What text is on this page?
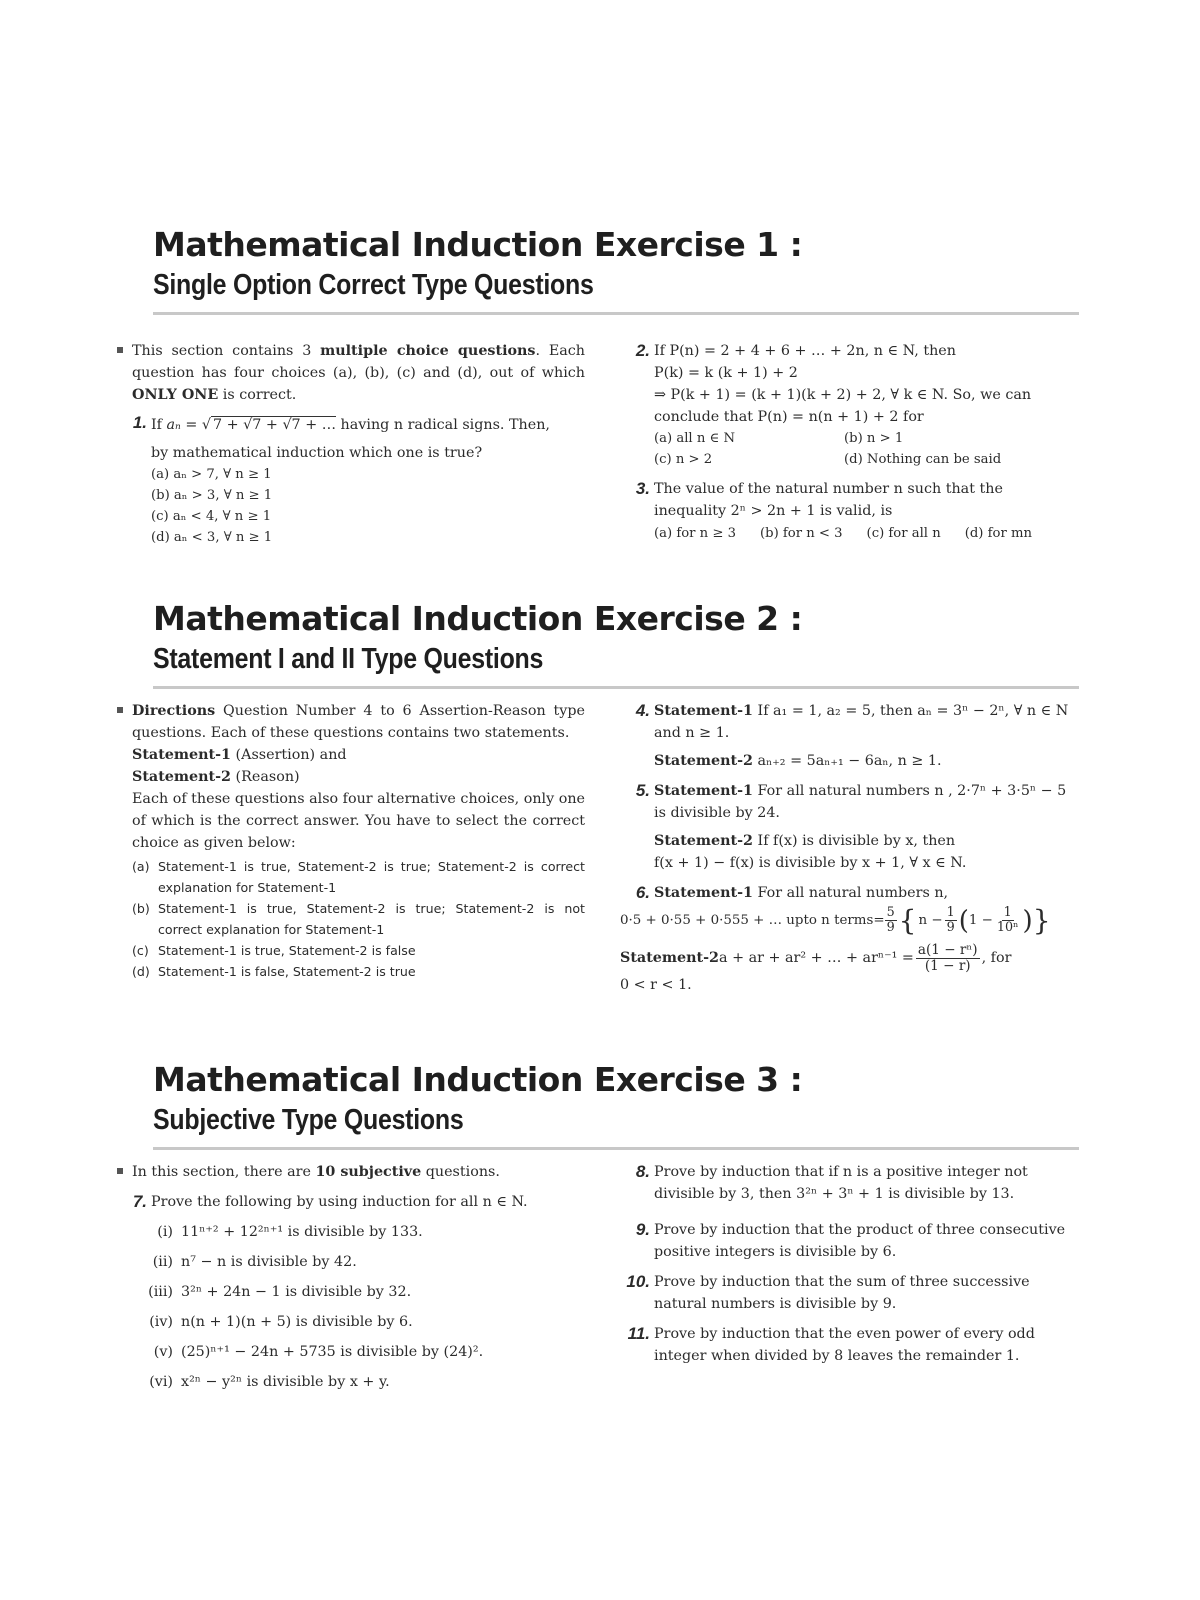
Mathematical Induction Exercise 1 :
Single Option Correct Type Questions
This section contains 3 multiple choice questions. Each question has four choices (a), (b), (c) and (d), out of which ONLY ONE is correct.
1. If aₙ = √ 7 + √7 + √7 + … having n radical signs. Then,
by mathematical induction which one is true?
(a) aₙ > 7, ∀ n ≥ 1
(b) aₙ > 3, ∀ n ≥ 1
(c) aₙ < 4, ∀ n ≥ 1
(d) aₙ < 3, ∀ n ≥ 1
2. If P(n) = 2 + 4 + 6 + … + 2n, n ∈ N, then
P(k) = k (k + 1) + 2
⇒ P(k + 1) = (k + 1)(k + 2) + 2, ∀ k ∈ N. So, we can
conclude that P(n) = n(n + 1) + 2 for
(a) all n ∈ N	(b) n > 1
(c) n > 2	(d) Nothing can be said
3. The value of the natural number n such that the
inequality 2ⁿ > 2n + 1 is valid, is
(a) for n ≥ 3 (b) for n < 3 (c) for all n (d) for mn
Mathematical Induction Exercise 2 :
Statement I and II Type Questions
Directions Question Number 4 to 6 Assertion-Reason type questions. Each of these questions contains two statements.
Statement-1 (Assertion) and
Statement-2 (Reason)
Each of these questions also four alternative choices, only one of which is the correct answer. You have to select the correct choice as given below:
(a) Statement-1 is true, Statement-2 is true; Statement-2 is correct explanation for Statement-1
(b) Statement-1 is true, Statement-2 is true; Statement-2 is not correct explanation for Statement-1
(c) Statement-1 is true, Statement-2 is false
(d) Statement-1 is false, Statement-2 is true
4. Statement-1 If a₁ = 1, a₂ = 5, then aₙ = 3ⁿ − 2ⁿ, ∀ n ∈ N
and n ≥ 1.
Statement-2 aₙ₊₂ = 5aₙ₊₁ − 6aₙ, n ≥ 1.
5. Statement-1 For all natural numbers n , 2·7ⁿ + 3·5ⁿ − 5
is divisible by 24.
Statement-2 If f(x) is divisible by x, then
f(x + 1) − f(x) is divisible by x + 1, ∀ x ∈ N.
6. Statement-1 For all natural numbers n,
0·5 + 0·55 + 0·555 + … upto n terms= $\frac{5}{9}$ { $n - \frac{1}{9}$ ( $1 - \frac{1}{\text{10ⁿ}}$ ) }
Statement-2 a + ar + ar² + … + $ar^{n-1} = \frac{\text{a(1 − rⁿ)}}{(1 - r)}$ , for
0 < r < 1.
Mathematical Induction Exercise 3 :
Subjective Type Questions
In this section, there are 10 subjective questions.
7. Prove the following by using induction for all n ∈ N.
(i) 11ⁿ⁺² + 12²ⁿ⁺¹ is divisible by 133.
(ii) n⁷ − n is divisible by 42.
(iii) 3²ⁿ + 24n − 1 is divisible by 32.
(iv) n(n + 1)(n + 5) is divisible by 6.
(v) (25)ⁿ⁺¹ − 24n + 5735 is divisible by (24)².
(vi) x²ⁿ − y²ⁿ is divisible by x + y.
8. Prove by induction that if n is a positive integer not
divisible by 3, then 3²ⁿ + 3ⁿ + 1 is divisible by 13.
9. Prove by induction that the product of three consecutive
positive integers is divisible by 6.
10. Prove by induction that the sum of three successive
natural numbers is divisible by 9.
11. Prove by induction that the even power of every odd
integer when divided by 8 leaves the remainder 1.
